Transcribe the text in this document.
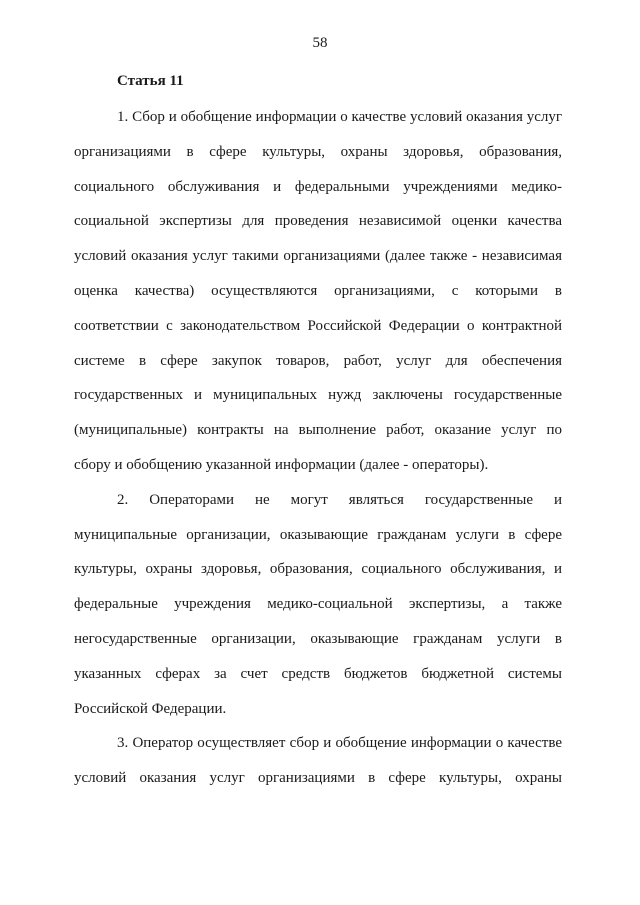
58
Статья 11
1. Сбор и обобщение информации о качестве условий оказания услуг
организациями в сфере культуры, охраны здоровья, образования,
социального обслуживания и федеральными учреждениями медико-
социальной экспертизы для проведения независимой оценки качества
условий оказания услуг такими организациями (далее также - независимая
оценка качества) осуществляются организациями, с которыми в
соответствии с законодательством Российской Федерации о контрактной
системе в сфере закупок товаров, работ, услуг для обеспечения
государственных и муниципальных нужд заключены государственные
(муниципальные) контракты на выполнение работ, оказание услуг по
сбору и обобщению указанной информации (далее - операторы).
2. Операторами не могут являться государственные и
муниципальные организации, оказывающие гражданам услуги в сфере
культуры, охраны здоровья, образования, социального обслуживания, и
федеральные учреждения медико-социальной экспертизы, а также
негосударственные организации, оказывающие гражданам услуги в
указанных сферах за счет средств бюджетов бюджетной системы
Российской Федерации.
3. Оператор осуществляет сбор и обобщение информации о качестве
условий оказания услуг организациями в сфере культуры, охраны
